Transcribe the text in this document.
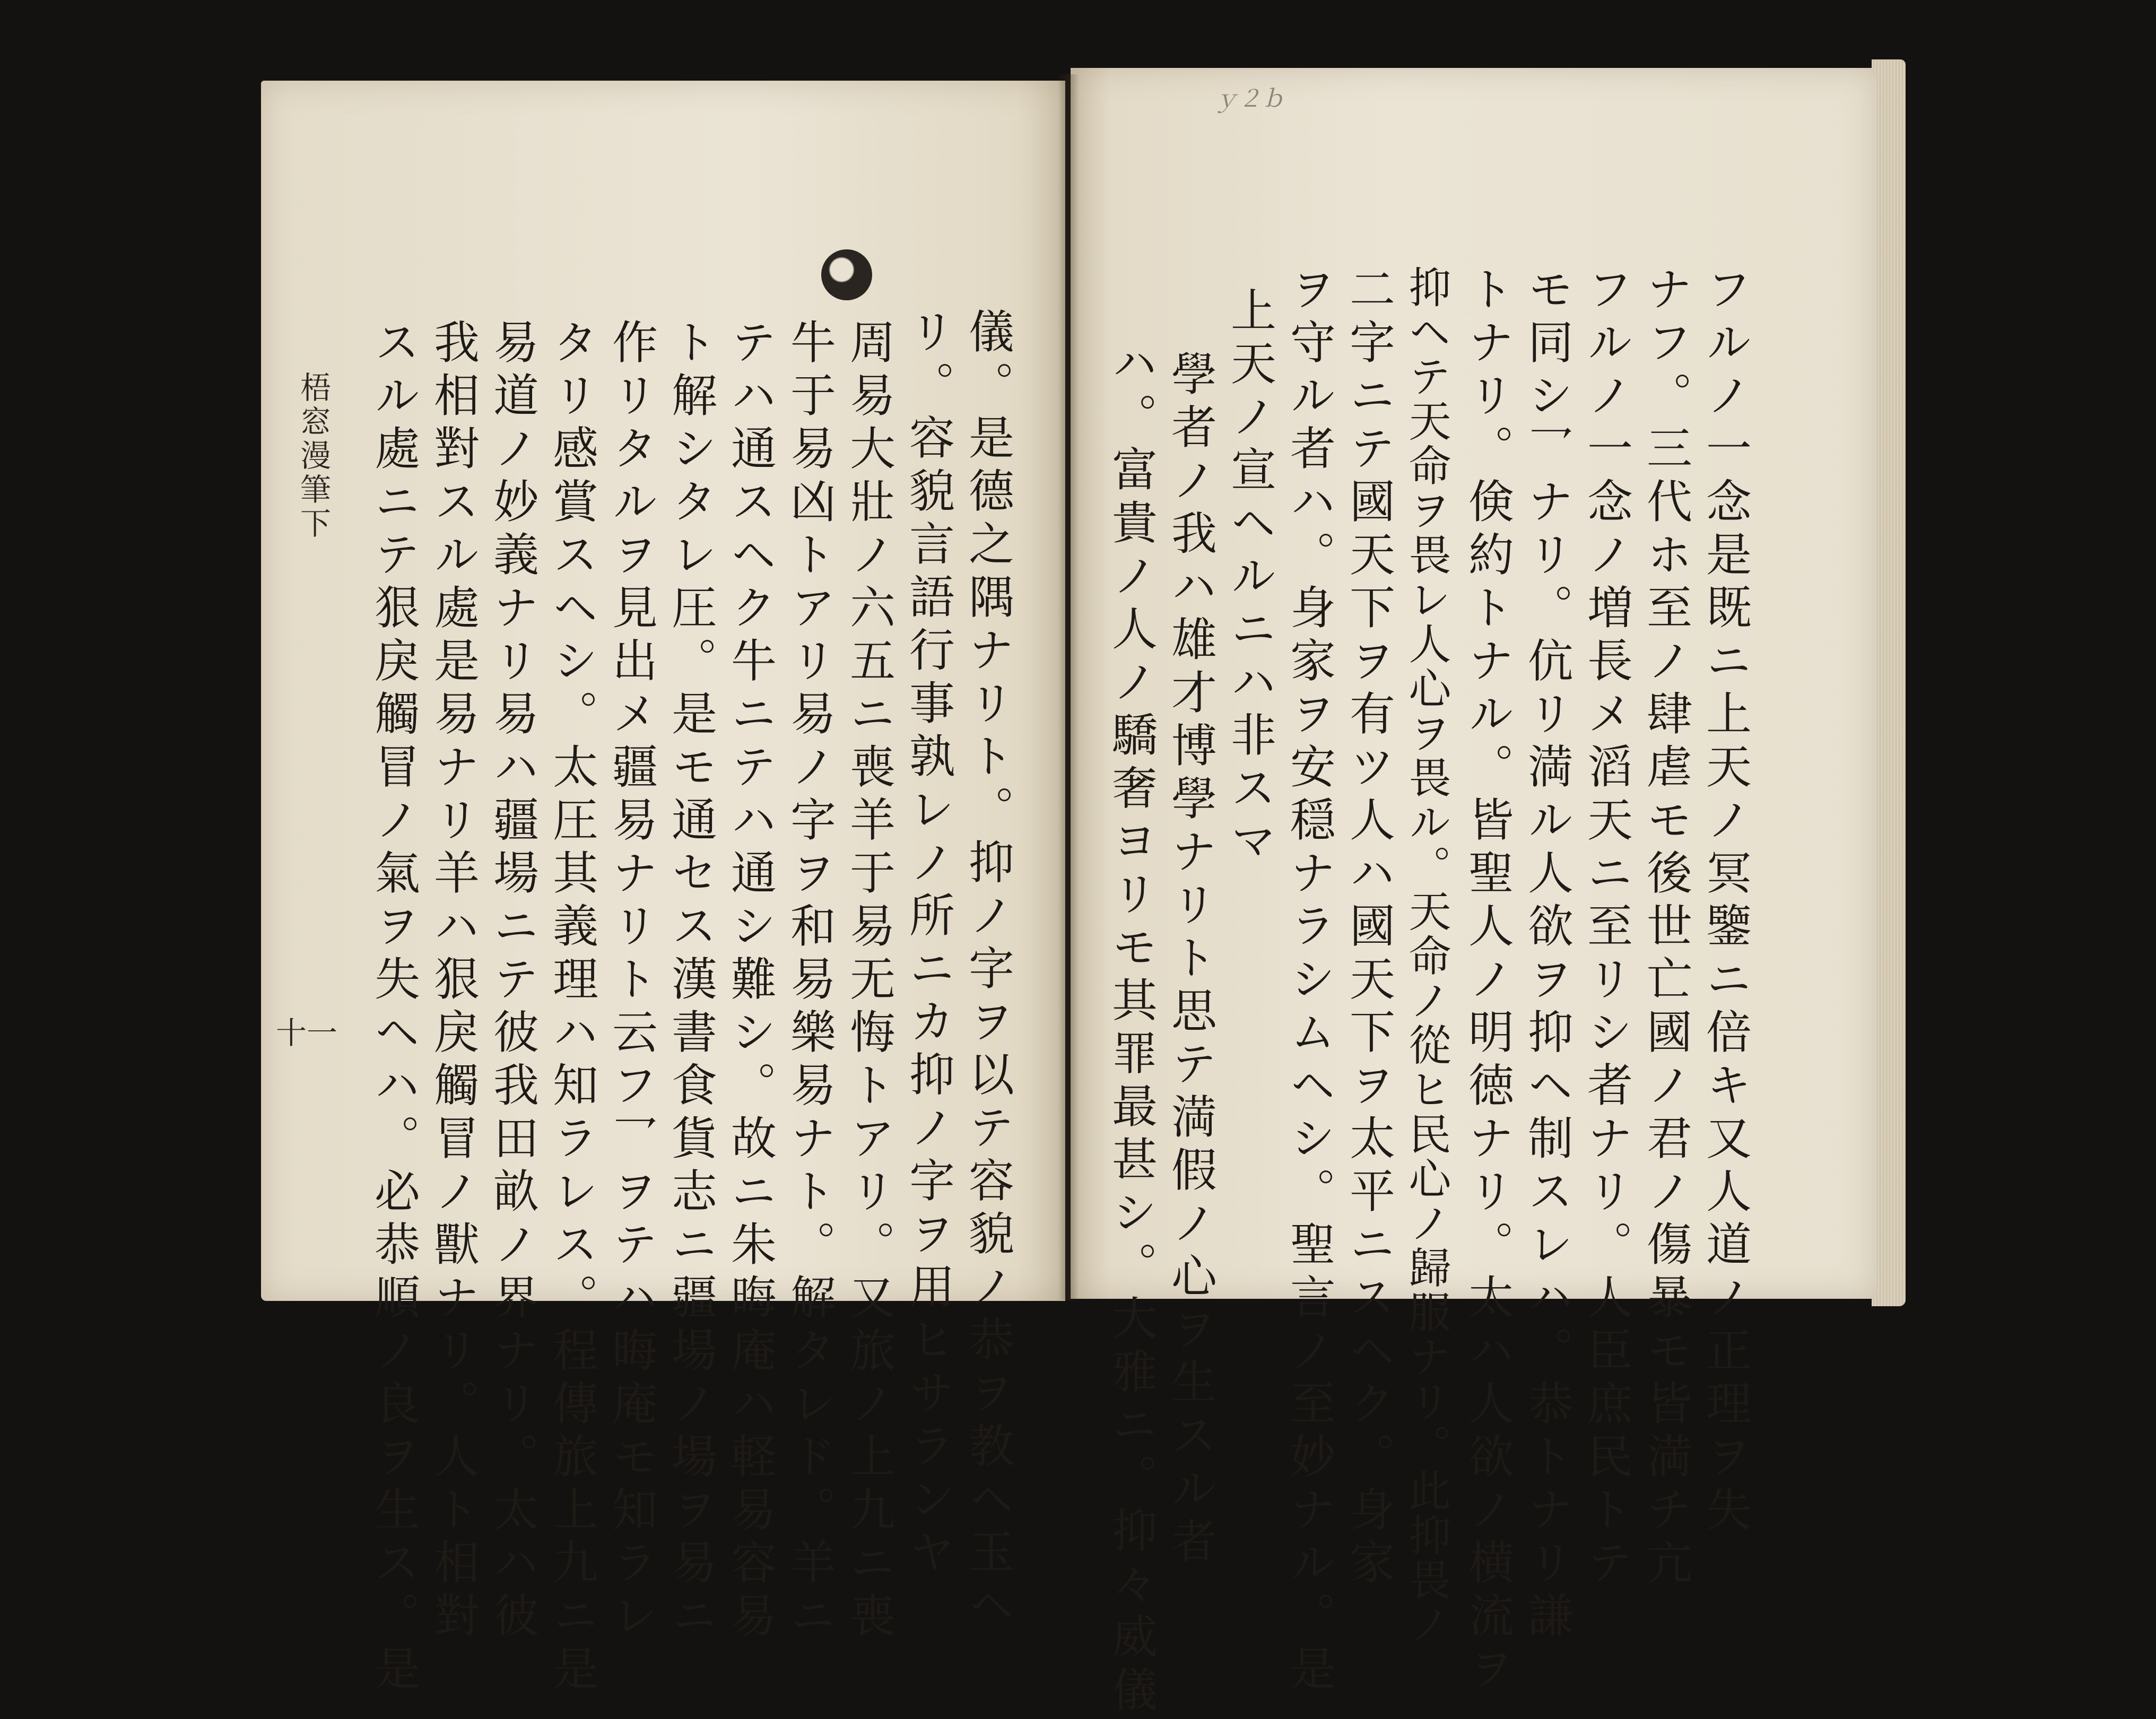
ｙ２ｂ
フルノ一念是既ニ上天ノ冥鑒ニ倍キ又人道ノ正理ヲ失
ナフ。三代ホ至ノ肆虐モ後世亡國ノ君ノ傷暴モ皆満チ亢
フルノ一念ノ増長メ滔天ニ至リシ者ナリ。人臣庶民トテ
モ同シ乛ナリ。伉リ満ル人欲ヲ抑ヘ制スレハ。恭トナリ謙
トナリ。倹約トナル。皆聖人ノ明徳ナリ。太ハ人欲ノ横流ヲ
抑ヘテ天命ヲ畏レ人心ヲ畏ル。天命ノ從ヒ民心ノ歸服ナリ。此抑畏ノ
二字ニテ國天下ヲ有ツ人ハ國天下ヲ太平ニスヘク。身家
ヲ守ル者ハ。身家ヲ安穏ナラシムヘシ。聖言ノ至妙ナル。是
上天ノ宣ヘルニハ非スマ
學者ノ我ハ雄才博學ナリト思テ満假ノ心ヲ生スル者
ハ。富貴ノ人ノ驕奢ヨリモ其罪最甚シ。大雅ニ。抑々威儀
儀。是德之隅ナリト。抑ノ字ヲ以テ容貌ノ恭ヲ教ヘ玉ヘ
リ。容貌言語行事孰レノ所ニカ抑ノ字ヲ用ヒサランヤ
周易大壯ノ六五ニ喪羊于易无悔トアリ。又旅ノ上九ニ喪
牛于易凶トアリ易ノ字ヲ和易樂易ナト。解タレド。羊ニ
テハ通スヘク牛ニテハ通シ難シ。故ニ朱晦庵ハ軽易容易
ト解シタレ圧。是モ通セス漢書食貨志ニ疆場ノ場ヲ易ニ
作リタルヲ見出メ疆易ナリト云フ乛ヲテハ晦庵モ知ラレ
タリ感賞スヘシ。太圧其義理ハ知ラレス。程傳旅上九ニ是
易道ノ妙義ナリ易ハ疆場ニテ彼我田畝ノ界ナリ。太ハ彼
我相對スル處是易ナリ羊ハ狠戾觸冒ノ獸ナリ。人ト相對
スル處ニテ狠戾觸冒ノ氣ヲ失ヘハ。必恭順ノ良ヲ生ス。是
梧窓漫筆下
十一
